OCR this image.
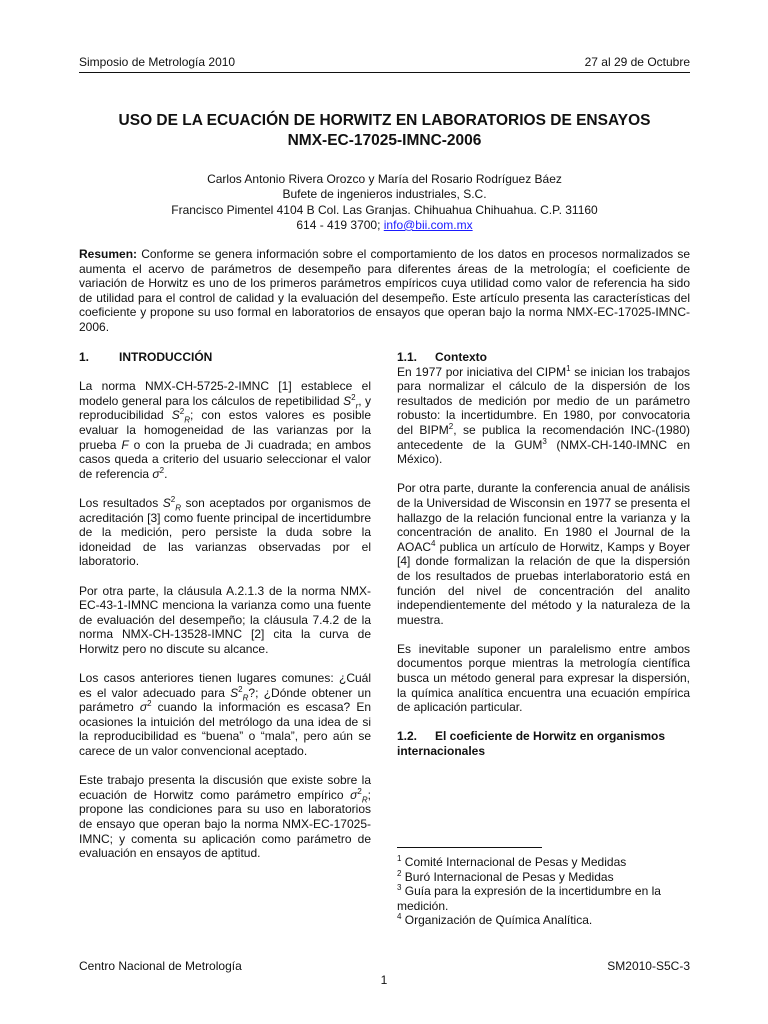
Simposio de Metrología 2010	27 al 29 de Octubre
USO DE LA ECUACIÓN DE HORWITZ EN LABORATORIOS DE ENSAYOS
NMX-EC-17025-IMNC-2006
Carlos Antonio Rivera Orozco y María del Rosario Rodríguez Báez
Bufete de ingenieros industriales, S.C.
Francisco Pimentel 4104 B Col. Las Granjas. Chihuahua Chihuahua. C.P. 31160
614 - 419 3700; info@bii.com.mx
Resumen: Conforme se genera información sobre el comportamiento de los datos en procesos normalizados se aumenta el acervo de parámetros de desempeño para diferentes áreas de la metrología; el coeficiente de variación de Horwitz es uno de los primeros parámetros empíricos cuya utilidad como valor de referencia ha sido de utilidad para el control de calidad y la evaluación del desempeño. Este artículo presenta las características del coeficiente y propone su uso formal en laboratorios de ensayos que operan bajo la norma NMX-EC-17025-IMNC-2006.
1. INTRODUCCIÓN

La norma NMX-CH-5725-2-IMNC [1] establece el modelo general para los cálculos de repetibilidad $S^2_r$, y reproducibilidad $S^2_R$; con estos valores es posible evaluar la homogeneidad de las varianzas por la prueba F o con la prueba de Ji cuadrada; en ambos casos queda a criterio del usuario seleccionar el valor de referencia $\sigma^2$.

Los resultados $S^2_R$ son aceptados por organismos de acreditación [3] como fuente principal de incertidumbre de la medición, pero persiste la duda sobre la idoneidad de las varianzas observadas por el laboratorio.

Por otra parte, la cláusula A.2.1.3 de la norma NMX-EC-43-1-IMNC menciona la varianza como una fuente de evaluación del desempeño; la cláusula 7.4.2 de la norma NMX-CH-13528-IMNC [2] cita la curva de Horwitz pero no discute su alcance.

Los casos anteriores tienen lugares comunes: ¿Cuál es el valor adecuado para $S^2_R$?; ¿Dónde obtener un parámetro $\sigma^2$ cuando la información es escasa? En ocasiones la intuición del metrólogo da una idea de si la reproducibilidad es “buena” o “mala”, pero aún se carece de un valor convencional aceptado.

Este trabajo presenta la discusión que existe sobre la ecuación de Horwitz como parámetro empírico $\sigma^2_R$; propone las condiciones para su uso en laboratorios de ensayo que operan bajo la norma NMX-EC-17025-IMNC; y comenta su aplicación como parámetro de evaluación en ensayos de aptitud.

1.1. Contexto

En 1977 por iniciativa del CIPM$^1$ se inician los trabajos para normalizar el cálculo de la dispersión de los resultados de medición por medio de un parámetro robusto: la incertidumbre. En 1980, por convocatoria del BIPM$^2$, se publica la recomendación INC-(1980) antecedente de la GUM$^3$ (NMX-CH-140-IMNC en México).

Por otra parte, durante la conferencia anual de análisis de la Universidad de Wisconsin en 1977 se presenta el hallazgo de la relación funcional entre la varianza y la concentración de analito. En 1980 el Journal de la AOAC$^4$ publica un artículo de Horwitz, Kamps y Boyer [4] donde formalizan la relación de que la dispersión de los resultados de pruebas interlaboratorio está en función del nivel de concentración del analito independientemente del método y la naturaleza de la muestra.

Es inevitable suponer un paralelismo entre ambos documentos porque mientras la metrología científica busca un método general para expresar la dispersión, la química analítica encuentra una ecuación empírica de aplicación particular.

1.2. El coeficiente de Horwitz en organismos internacionales
$^1$ Comité Internacional de Pesas y Medidas
$^2$ Buró Internacional de Pesas y Medidas
$^3$ Guía para la expresión de la incertidumbre en la medición.
$^4$ Organización de Química Analítica.
Centro Nacional de Metrología	SM2010-S5C-3
1
